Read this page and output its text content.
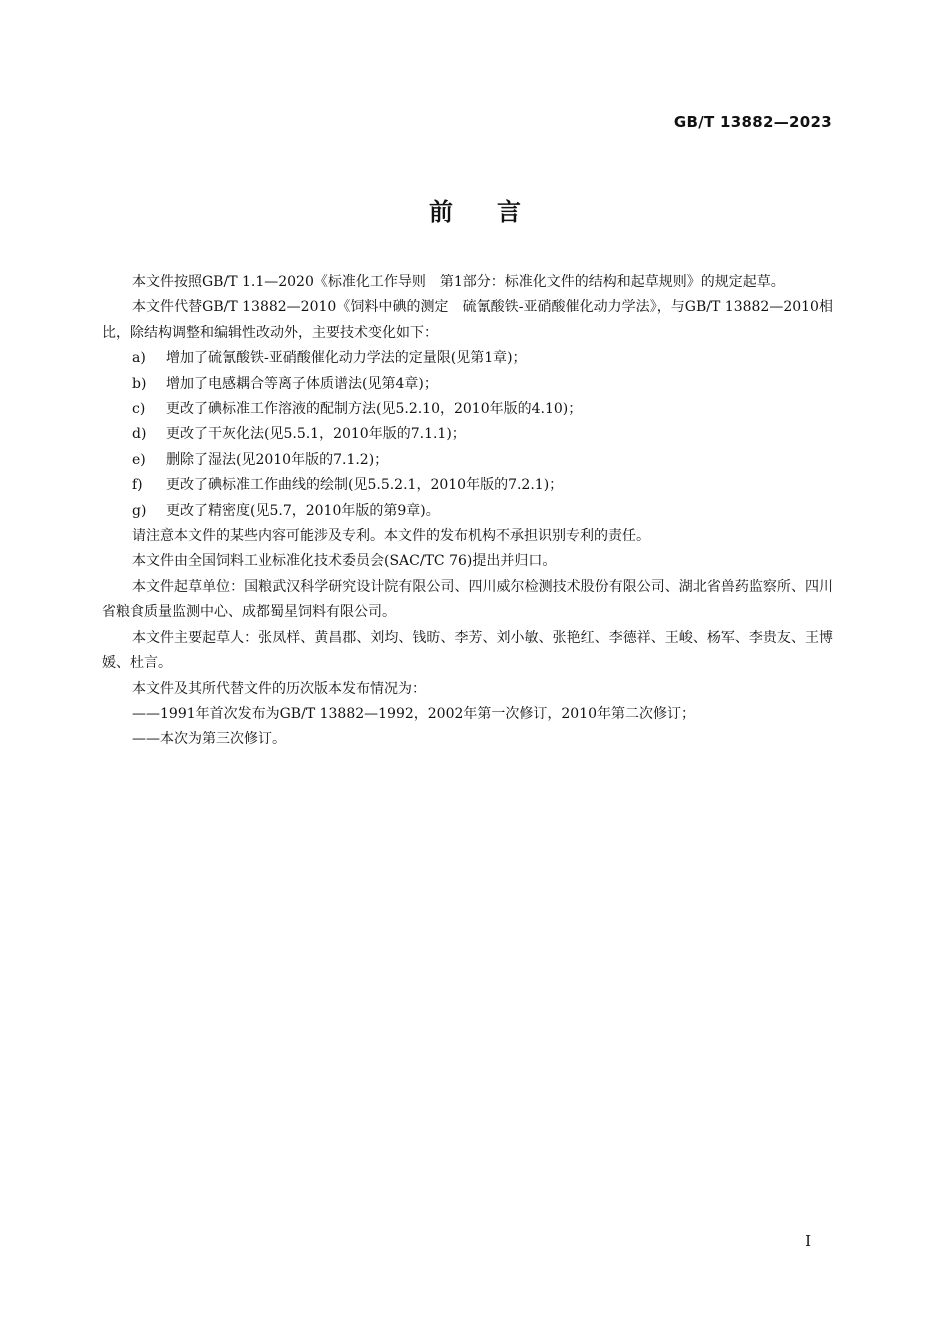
GB/T 13882—2023
前言

本文件按照GB/T 1.1—2020《标准化工作导则　第1部分：标准化文件的结构和起草规则》的规定起草。

本文件代替GB/T 13882—2010《饲料中碘的测定　硫氰酸铁-亚硝酸催化动力学法》，与GB/T 13882—2010相比，除结构调整和编辑性改动外，主要技术变化如下：

a)	增加了硫氰酸铁-亚硝酸催化动力学法的定量限(见第1章)；
b)	增加了电感耦合等离子体质谱法(见第4章)；
c)	更改了碘标准工作溶液的配制方法(见5.2.10，2010年版的4.10)；
d)	更改了干灰化法(见5.5.1，2010年版的7.1.1)；
e)	删除了湿法(见2010年版的7.1.2)；
f)	更改了碘标准工作曲线的绘制(见5.5.2.1，2010年版的7.2.1)；
g)	更改了精密度(见5.7，2010年版的第9章)。

请注意本文件的某些内容可能涉及专利。本文件的发布机构不承担识别专利的责任。

本文件由全国饲料工业标准化技术委员会(SAC/TC 76)提出并归口。

本文件起草单位：国粮武汉科学研究设计院有限公司、四川威尔检测技术股份有限公司、湖北省兽药监察所、四川省粮食质量监测中心、成都蜀星饲料有限公司。

本文件主要起草人：张凤样、黄昌郡、刘均、钱昉、李芳、刘小敏、张艳红、李德祥、王峻、杨军、李贵友、王博媛、杜言。

本文件及其所代替文件的历次版本发布情况为：

——1991年首次发布为GB/T 13882—1992，2002年第一次修订，2010年第二次修订；

——本次为第三次修订。

I
